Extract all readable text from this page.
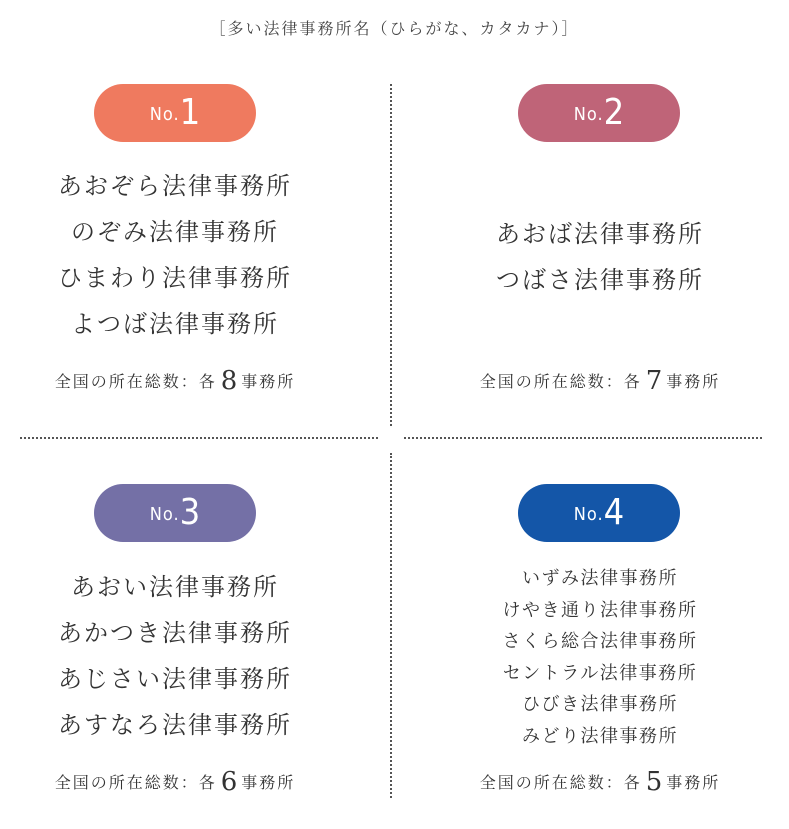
［多い法律事務所名（ひらがな、カタカナ）］
No.1
あおぞら法律事務所
のぞみ法律事務所
ひまわり法律事務所
よつば法律事務所
全国の所在総数：各 8 事務所
No.2
あおば法律事務所
つばさ法律事務所
全国の所在総数：各 7 事務所
No.3
あおい法律事務所
あかつき法律事務所
あじさい法律事務所
あすなろ法律事務所
全国の所在総数：各 6 事務所
No.4
いずみ法律事務所
けやき通り法律事務所
さくら総合法律事務所
セントラル法律事務所
ひびき法律事務所
みどり法律事務所
全国の所在総数：各 5 事務所
